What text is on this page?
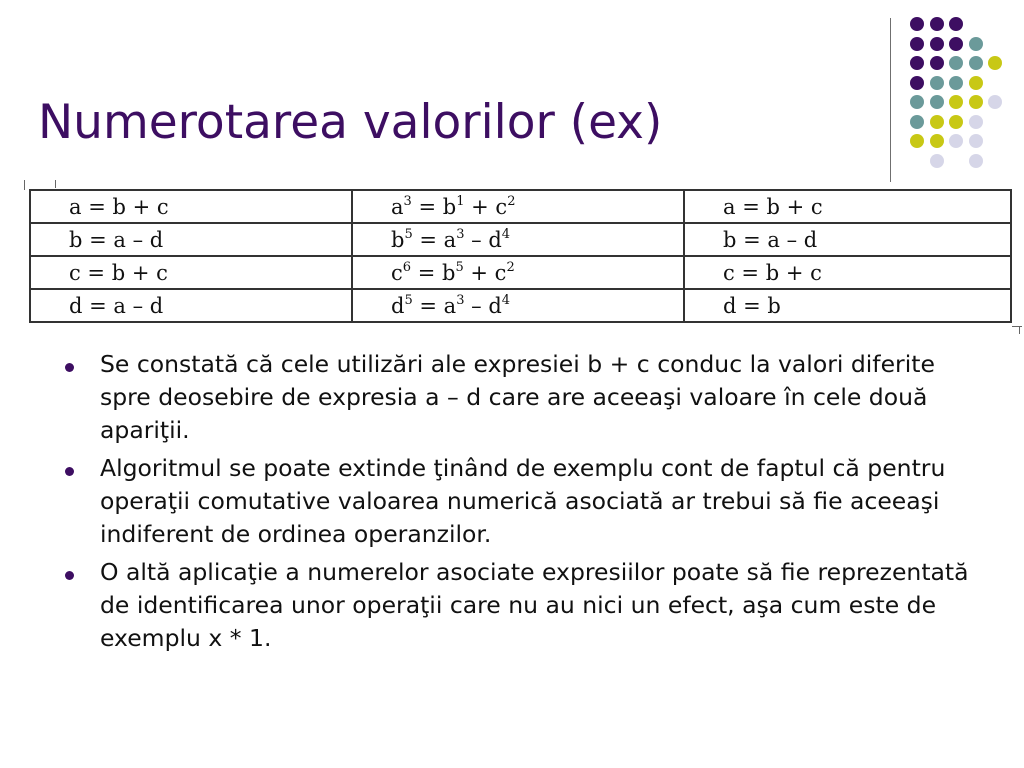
Numerotarea valorilor (ex)
a = b + c	$a^3 = b^1 + c^2$	a = b + c
b = a – d	$b^5 = a^3 - d^4$	b = a – d
c = b + c	$c^6 = b^5 + c^2$	c = b + c
d = a – d	$d^5 = a^3 - d^4$	d = b
Se constată că cele utilizări ale expresiei b + c conduc la valori diferite spre deosebire de expresia a – d care are aceeaşi valoare în cele două apariţii.
Algoritmul se poate extinde ţinând de exemplu cont de faptul că pentru operaţii comutative valoarea numerică asociată ar trebui să fie aceeaşi indiferent de ordinea operanzilor.
O altă aplicaţie a numerelor asociate expresiilor poate să fie reprezentată de identificarea unor operaţii care nu au nici un efect, aşa cum este de exemplu x * 1.
